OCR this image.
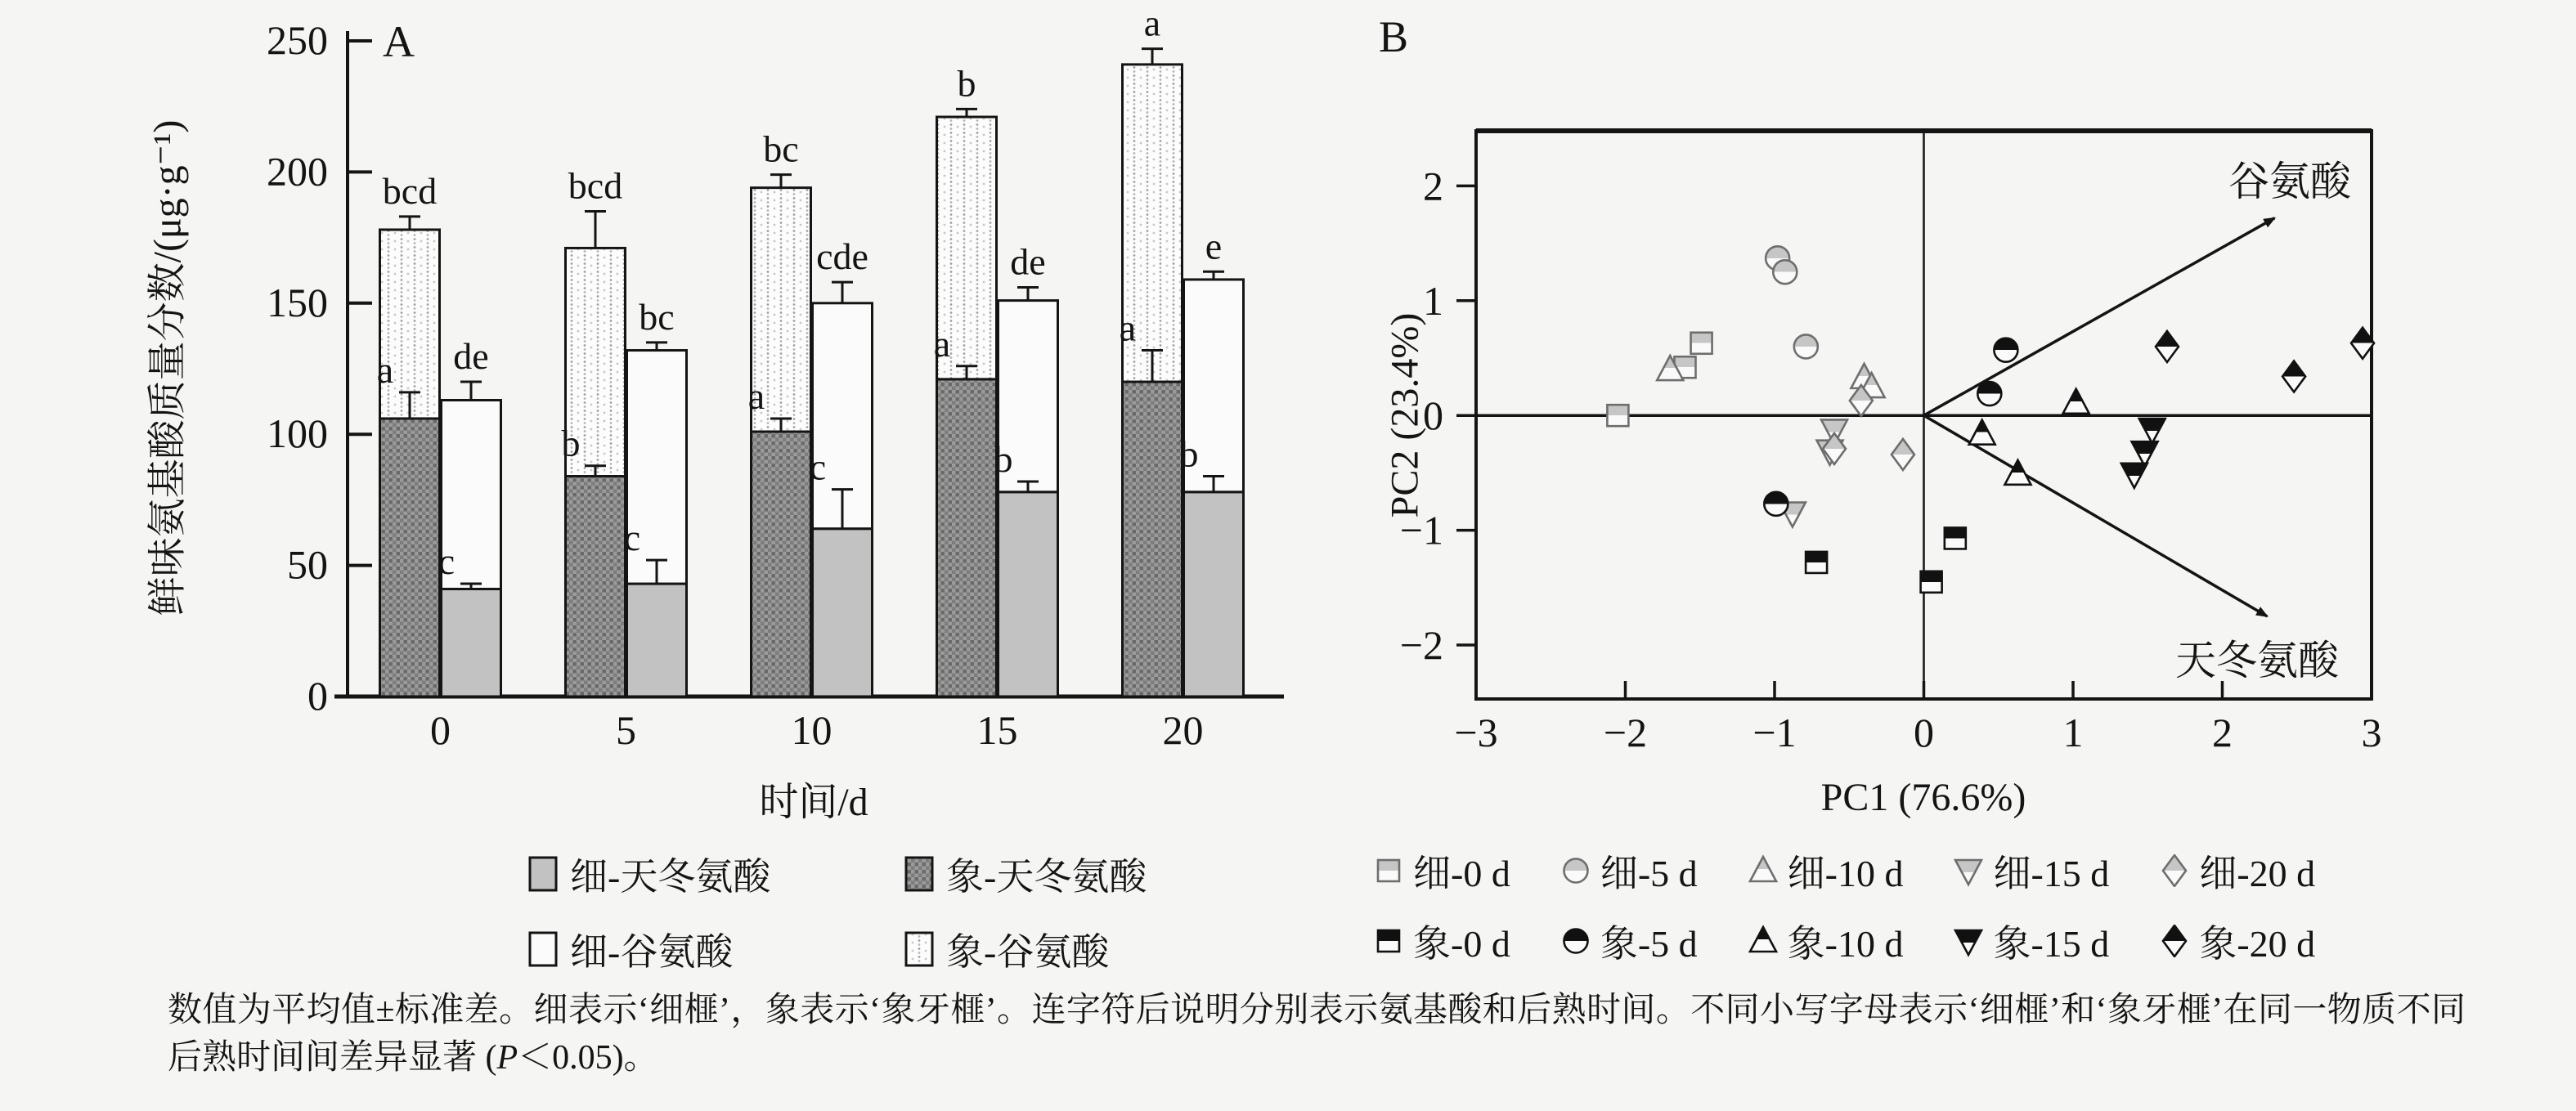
0
50
100
150
200
250
a
bcd
c
de
0
b
bcd
c
bc
5
a
bc
c
cde
10
a
b
b
de
15
a
a
b
e
20
A
鲜味氨基酸质量分数/(μg·g⁻¹)
时间/d
−3	−2	−1	0	1	2	3
−2
−1
0
1
2
B
PC2 (23.4%)
PC1 (76.6%)
谷氨酸
天冬氨酸
细-天冬氨酸	象-天冬氨酸
细-谷氨酸	象-谷氨酸
细-0 d 细-5 d 细-10 d 细-15 d 细-20 d
象-0 d 象-5 d 象-10 d 象-15 d 象-20 d
数值为平均值±标准差。细表示‘细榧’，象表示‘象牙榧’。连字符后说明分别表示氨基酸和后熟时间。不同小写字母表示‘细榧’和‘象牙榧’在同一物质不同后熟时间间差异显著 (P＜0.05)。
